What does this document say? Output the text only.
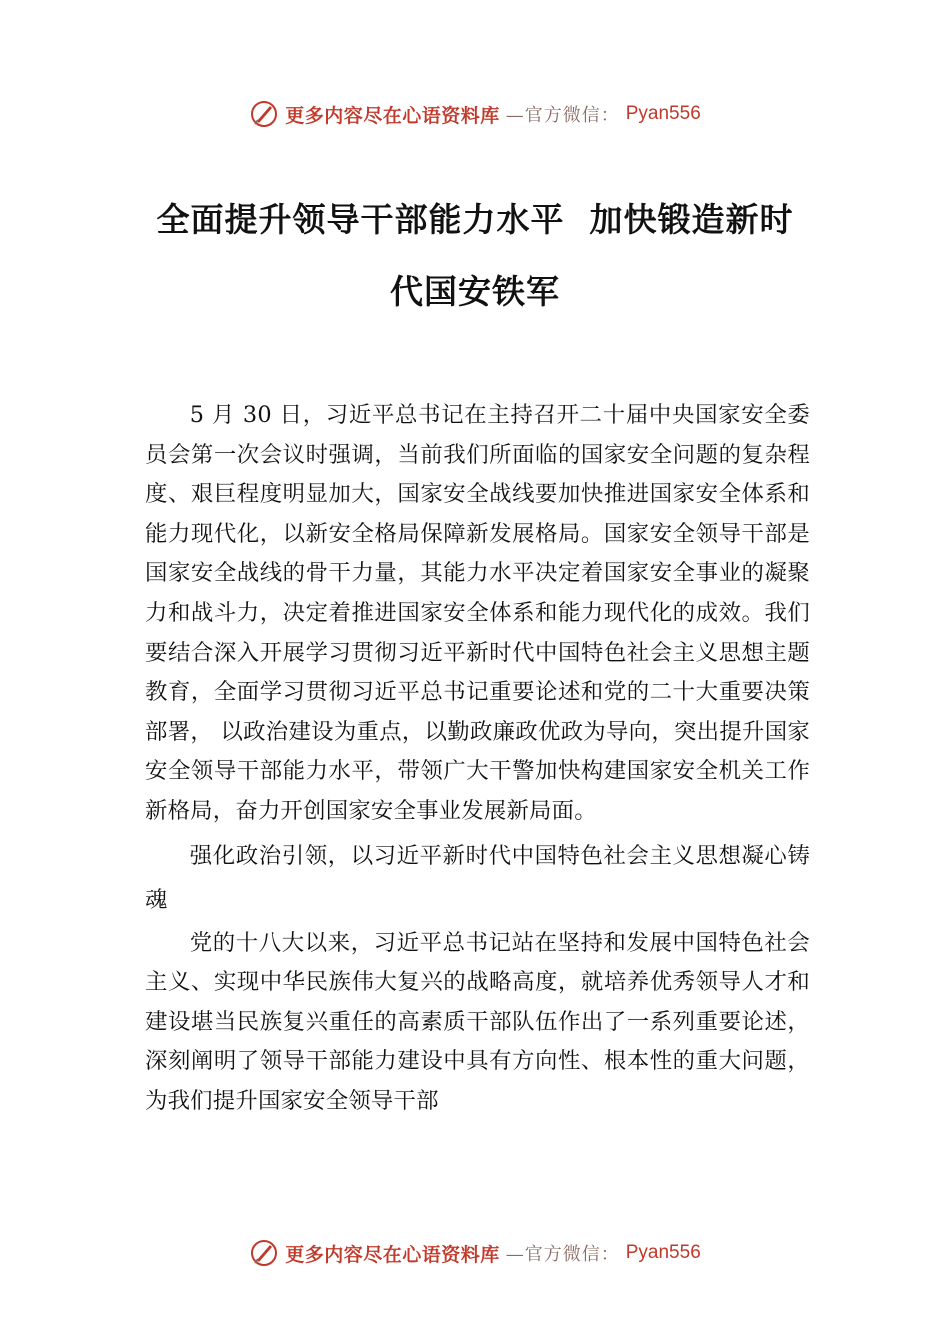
更多内容尽在心语资料库 —官方微信： Pyan556
全面提升领导干部能力水平  加快锻造新时
代国安铁军

5 月 30 日，习近平总书记在主持召开二十届中央国家安全委员会第一次会议时强调，当前我们所面临的国家安全问题的复杂程度、艰巨程度明显加大，国家安全战线要加快推进国家安全体系和能力现代化，以新安全格局保障新发展格局。国家安全领导干部是国家安全战线的骨干力量，其能力水平决定着国家安全事业的凝聚力和战斗力，决定着推进国家安全体系和能力现代化的成效。我们要结合深入开展学习贯彻习近平新时代中国特色社会主义思想主题教育，全面学习贯彻习近平总书记重要论述和党的二十大重要决策部署， 以政治建设为重点，以勤政廉政优政为导向，突出提升国家安全领导干部能力水平，带领广大干警加快构建国家安全机关工作新格局，奋力开创国家安全事业发展新局面。

强化政治引领，以习近平新时代中国特色社会主义思想凝心铸魂

党的十八大以来，习近平总书记站在坚持和发展中国特色社会主义、实现中华民族伟大复兴的战略高度，就培养优秀领导人才和建设堪当民族复兴重任的高素质干部队伍作出了一系列重要论述，深刻阐明了领导干部能力建设中具有方向性、根本性的重大问题，为我们提升国家安全领导干部

更多内容尽在心语资料库 —官方微信： Pyan556
